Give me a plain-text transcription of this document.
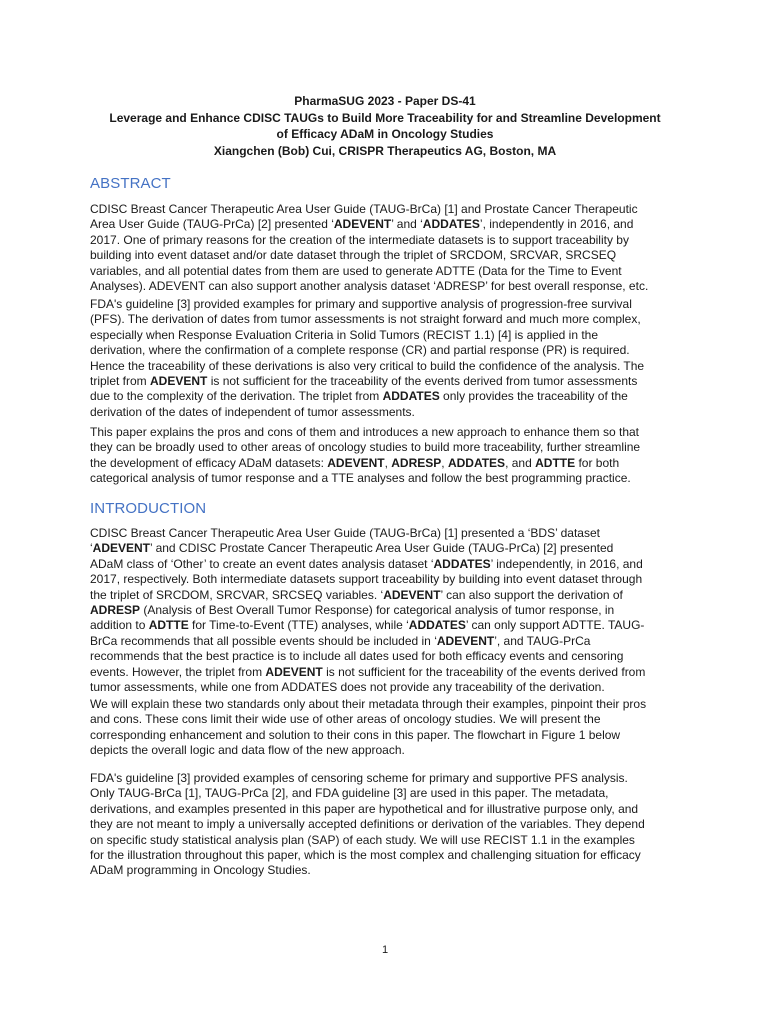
PharmaSUG 2023 - Paper DS-41
Leverage and Enhance CDISC TAUGs to Build More Traceability for and Streamline Development
of Efficacy ADaM in Oncology Studies
Xiangchen (Bob) Cui, CRISPR Therapeutics AG, Boston, MA
ABSTRACT

CDISC Breast Cancer Therapeutic Area User Guide (TAUG-BrCa) [1] and Prostate Cancer Therapeutic
Area User Guide (TAUG-PrCa) [2] presented ‘ADEVENT’ and ‘ADDATES’, independently in 2016, and
2017. One of primary reasons for the creation of the intermediate datasets is to support traceability by
building into event dataset and/or date dataset through the triplet of SRCDOM, SRCVAR, SRCSEQ
variables, and all potential dates from them are used to generate ADTTE (Data for the Time to Event
Analyses). ADEVENT can also support another analysis dataset ‘ADRESP’ for best overall response, etc.

FDA's guideline [3] provided examples for primary and supportive analysis of progression-free survival
(PFS). The derivation of dates from tumor assessments is not straight forward and much more complex,
especially when Response Evaluation Criteria in Solid Tumors (RECIST 1.1) [4] is applied in the
derivation, where the confirmation of a complete response (CR) and partial response (PR) is required.
Hence the traceability of these derivations is also very critical to build the confidence of the analysis. The
triplet from ADEVENT is not sufficient for the traceability of the events derived from tumor assessments
due to the complexity of the derivation. The triplet from ADDATES only provides the traceability of the
derivation of the dates of independent of tumor assessments.

This paper explains the pros and cons of them and introduces a new approach to enhance them so that
they can be broadly used to other areas of oncology studies to build more traceability, further streamline
the development of efficacy ADaM datasets: ADEVENT, ADRESP, ADDATES, and ADTTE for both
categorical analysis of tumor response and a TTE analyses and follow the best programming practice.

INTRODUCTION

CDISC Breast Cancer Therapeutic Area User Guide (TAUG-BrCa) [1] presented a ‘BDS’ dataset
‘ADEVENT’ and CDISC Prostate Cancer Therapeutic Area User Guide (TAUG-PrCa) [2] presented
ADaM class of ‘Other’ to create an event dates analysis dataset ‘ADDATES’ independently, in 2016, and
2017, respectively. Both intermediate datasets support traceability by building into event dataset through
the triplet of SRCDOM, SRCVAR, SRCSEQ variables. ‘ADEVENT’ can also support the derivation of
ADRESP (Analysis of Best Overall Tumor Response) for categorical analysis of tumor response, in
addition to ADTTE for Time-to-Event (TTE) analyses, while ‘ADDATES’ can only support ADTTE. TAUG-
BrCa recommends that all possible events should be included in ‘ADEVENT’, and TAUG-PrCa
recommends that the best practice is to include all dates used for both efficacy events and censoring
events. However, the triplet from ADEVENT is not sufficient for the traceability of the events derived from
tumor assessments, while one from ADDATES does not provide any traceability of the derivation.

We will explain these two standards only about their metadata through their examples, pinpoint their pros
and cons. These cons limit their wide use of other areas of oncology studies. We will present the
corresponding enhancement and solution to their cons in this paper. The flowchart in Figure 1 below
depicts the overall logic and data flow of the new approach.

FDA's guideline [3] provided examples of censoring scheme for primary and supportive PFS analysis.
Only TAUG-BrCa [1], TAUG-PrCa [2], and FDA guideline [3] are used in this paper. The metadata,
derivations, and examples presented in this paper are hypothetical and for illustrative purpose only, and
they are not meant to imply a universally accepted definitions or derivation of the variables. They depend
on specific study statistical analysis plan (SAP) of each study. We will use RECIST 1.1 in the examples
for the illustration throughout this paper, which is the most complex and challenging situation for efficacy
ADaM programming in Oncology Studies.

1
